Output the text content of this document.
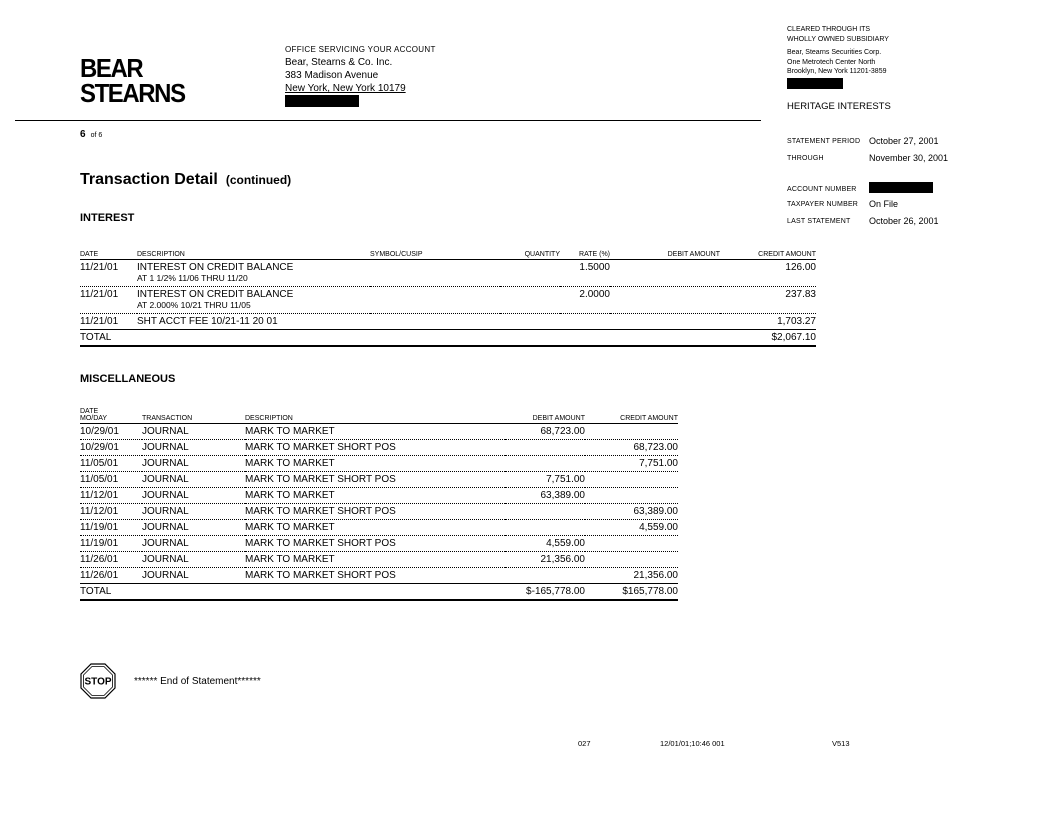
BEAR
STEARNS
OFFICE SERVICING YOUR ACCOUNT
Bear, Stearns & Co. Inc.
383 Madison Avenue
New York, New York 10179
CLEARED THROUGH ITS
WHOLLY OWNED SUBSIDIARY
Bear, Stearns Securities Corp.
One Metrotech Center North
Brooklyn, New York 11201-3859
HERITAGE INTERESTS
6 of 6
STATEMENT PERIOD October 27, 2001
THROUGH	November 30, 2001
ACCOUNT NUMBER
TAXPAYER NUMBER On File
LAST STATEMENT October 26, 2001
Transaction Detail (continued)
INTEREST
DATE	DESCRIPTION	SYMBOL/CUSIP	QUANTITY	RATE (%)	DEBIT AMOUNT	CREDIT AMOUNT
11/21/01	INTEREST ON CREDIT BALANCE
AT 1 1/2% 11/06 THRU 11/20			1.5000		126.00
11/21/01	INTEREST ON CREDIT BALANCE
AT 2.000% 10/21 THRU 11/05			2.0000		237.83
11/21/01	SHT ACCT FEE 10/21-11 20 01					1,703.27
TOTAL						$2,067.10
MISCELLANEOUS
DATE
MO/DAY	TRANSACTION	DESCRIPTION	DEBIT AMOUNT	CREDIT AMOUNT
10/29/01	JOURNAL	MARK TO MARKET	68,723.00	
10/29/01	JOURNAL	MARK TO MARKET SHORT POS		68,723.00
11/05/01	JOURNAL	MARK TO MARKET		7,751.00
11/05/01	JOURNAL	MARK TO MARKET SHORT POS	7,751.00	
11/12/01	JOURNAL	MARK TO MARKET	63,389.00	
11/12/01	JOURNAL	MARK TO MARKET SHORT POS		63,389.00
11/19/01	JOURNAL	MARK TO MARKET		4,559.00
11/19/01	JOURNAL	MARK TO MARKET SHORT POS	4,559.00	
11/26/01	JOURNAL	MARK TO MARKET	21,356.00	
11/26/01	JOURNAL	MARK TO MARKET SHORT POS		21,356.00
TOTAL			$-165,778.00	$165,778.00
STOP ****** End of Statement******
027	12/01/01;10:46 001	V513
